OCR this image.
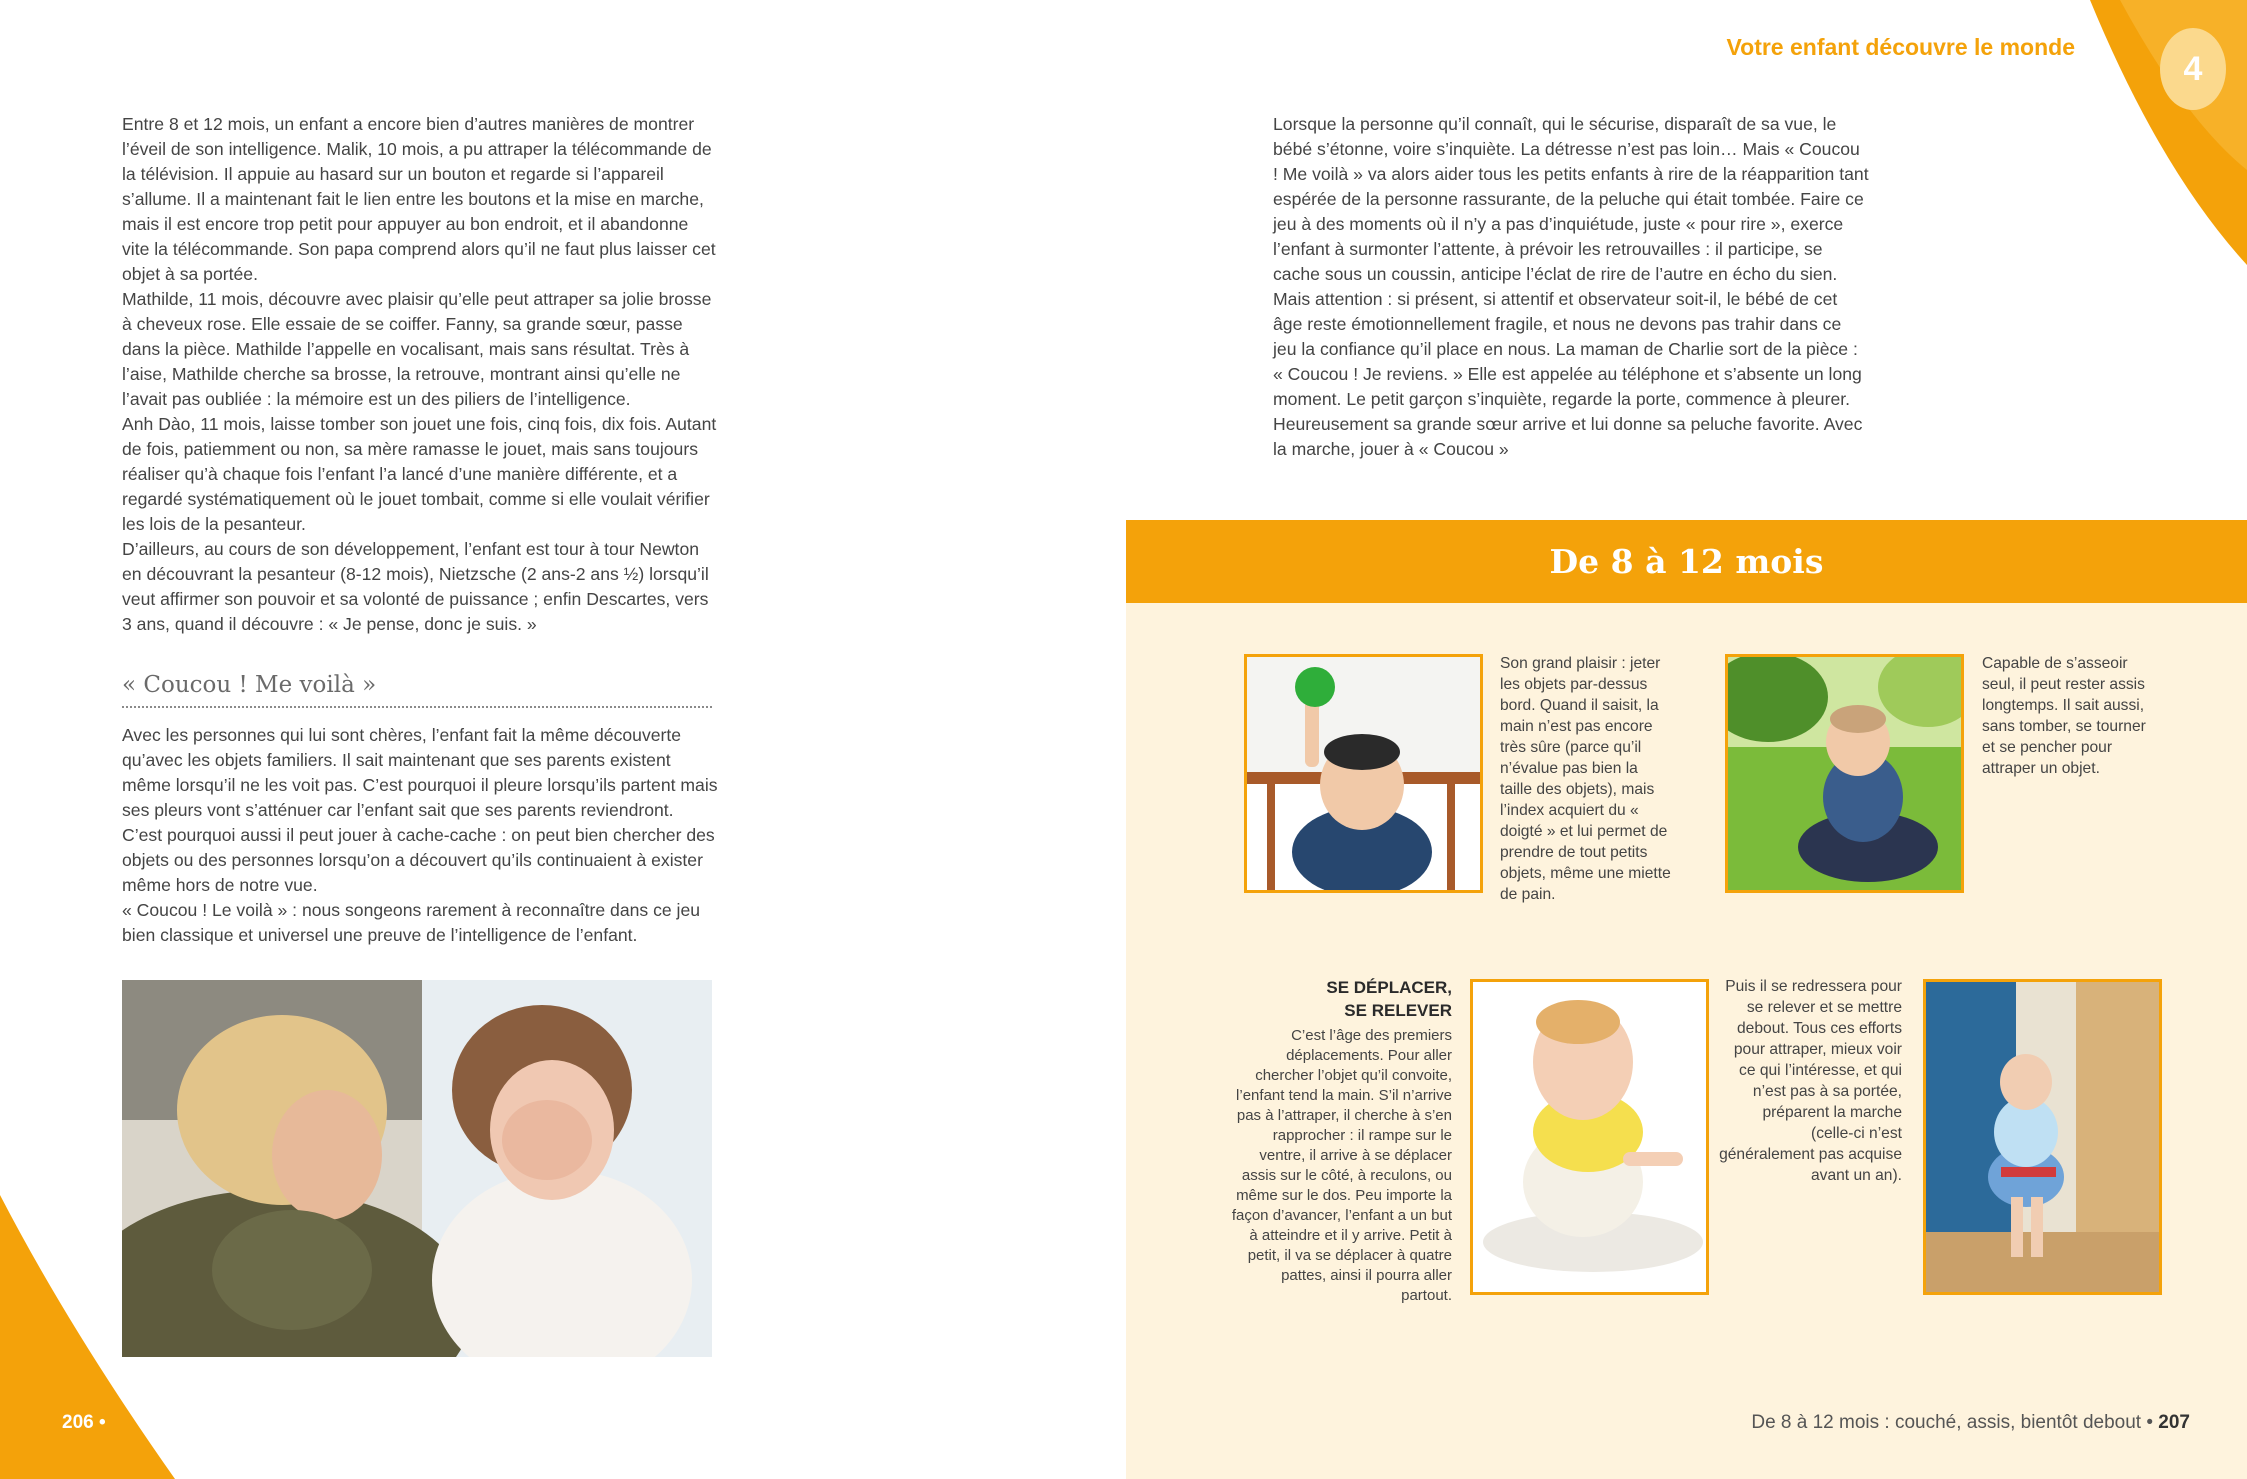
Entre 8 et 12 mois, un enfant a encore bien d’autres manières de montrer l’éveil de son intelligence. Malik, 10 mois, a pu attraper la télécommande de la télévision. Il appuie au hasard sur un bouton et regarde si l’appareil s’allume. Il a maintenant fait le lien entre les boutons et la mise en marche, mais il est encore trop petit pour appuyer au bon endroit, et il abandonne vite la télécommande. Son papa comprend alors qu’il ne faut plus laisser cet objet à sa portée.

Mathilde, 11 mois, découvre avec plaisir qu’elle peut attraper sa jolie brosse à cheveux rose. Elle essaie de se coiffer. Fanny, sa grande sœur, passe dans la pièce. Mathilde l’appelle en vocalisant, mais sans résultat. Très à l’aise, Mathilde cherche sa brosse, la retrouve, montrant ainsi qu’elle ne l’avait pas oubliée : la mémoire est un des piliers de l’intelligence.

Anh Dào, 11 mois, laisse tomber son jouet une fois, cinq fois, dix fois. Autant de fois, patiemment ou non, sa mère ramasse le jouet, mais sans toujours réaliser qu’à chaque fois l’enfant l’a lancé d’une manière différente, et a regardé systématiquement où le jouet tombait, comme si elle voulait vérifier les lois de la pesanteur.

D’ailleurs, au cours de son développement, l’enfant est tour à tour Newton en découvrant la pesanteur (8-12 mois), Nietzsche (2 ans-2 ans ½) lorsqu’il veut affirmer son pouvoir et sa volonté de puissance ; enfin Descartes, vers 3 ans, quand il découvre : « Je pense, donc je suis. »

« Coucou ! Me voilà »

Avec les personnes qui lui sont chères, l’enfant fait la même découverte qu’avec les objets familiers. Il sait maintenant que ses parents existent même lorsqu’il ne les voit pas. C’est pourquoi il pleure lorsqu’ils partent mais ses pleurs vont s’atténuer car l’enfant sait que ses parents reviendront. C’est pourquoi aussi il peut jouer à cache-cache : on peut bien chercher des objets ou des personnes lorsqu’on a découvert qu’ils continuaient à exister même hors de notre vue.

« Coucou ! Le voilà » : nous songeons rarement à reconnaître dans ce jeu bien classique et universel une preuve de l’intelligence de l’enfant.

206 •
Votre enfant découvre le monde
4

Lorsque la personne qu’il connaît, qui le sécurise, disparaît de sa vue, le bébé s’étonne, voire s’inquiète. La détresse n’est pas loin… Mais « Coucou ! Me voilà » va alors aider tous les petits enfants à rire de la réapparition tant espérée de la personne rassurante, de la peluche qui était tombée. Faire ce jeu à des moments où il n’y a pas d’inquiétude, juste « pour rire », exerce l’enfant à surmonter l’attente, à prévoir les retrouvailles : il participe, se cache sous un coussin, anticipe l’éclat de rire de l’autre en écho du sien.

Mais attention : si présent, si attentif et observateur soit-il, le bébé de cet âge reste émotionnellement fragile, et nous ne devons pas trahir dans ce jeu la confiance qu’il place en nous. La maman de Charlie sort de la pièce : « Coucou ! Je reviens. » Elle est appelée au téléphone et s’absente un long moment. Le petit garçon s’inquiète, regarde la porte, commence à pleurer. Heureusement sa grande sœur arrive et lui donne sa peluche favorite. Avec la marche, jouer à « Coucou »

De 8 à 12 mois
Son grand plaisir : jeter les objets par-dessus bord. Quand il saisit, la main n’est pas encore très sûre (parce qu’il n’évalue pas bien la taille des objets), mais l’index acquiert du « doigté » et lui permet de prendre de tout petits objets, même une miette de pain.
Capable de s’asseoir seul, il peut rester assis longtemps. Il sait aussi, sans tomber, se tourner et se pencher pour attraper un objet.
SE DÉPLACER,
SE RELEVER
C’est l’âge des premiers déplacements. Pour aller chercher l’objet qu’il convoite, l’enfant tend la main. S’il n’arrive pas à l’attraper, il cherche à s’en rapprocher : il rampe sur le ventre, il arrive à se déplacer assis sur le côté, à reculons, ou même sur le dos. Peu importe la façon d’avancer, l’enfant a un but à atteindre et il y arrive. Petit à petit, il va se déplacer à quatre pattes, ainsi il pourra aller partout.
Puis il se redressera pour se relever et se mettre debout. Tous ces efforts pour attraper, mieux voir ce qui l’intéresse, et qui n’est pas à sa portée, préparent la marche (celle-ci n’est généralement pas acquise avant un an).
De 8 à 12 mois : couché, assis, bientôt debout • 207
